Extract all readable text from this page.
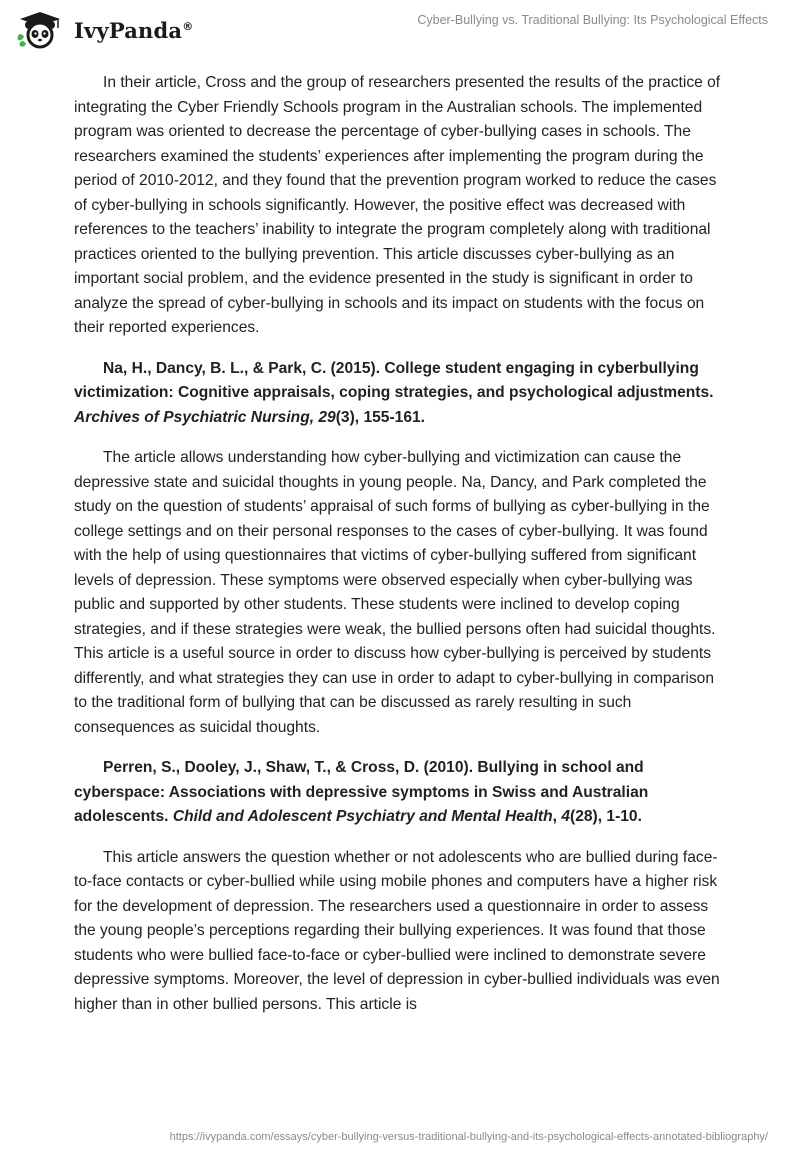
IvyPanda®	Cyber-Bullying vs. Traditional Bullying: Its Psychological Effects

In their article, Cross and the group of researchers presented the results of the practice of integrating the Cyber Friendly Schools program in the Australian schools. The implemented program was oriented to decrease the percentage of cyber-bullying cases in schools. The researchers examined the students’ experiences after implementing the program during the period of 2010-2012, and they found that the prevention program worked to reduce the cases of cyber-bullying in schools significantly. However, the positive effect was decreased with references to the teachers’ inability to integrate the program completely along with traditional practices oriented to the bullying prevention. This article discusses cyber-bullying as an important social problem, and the evidence presented in the study is significant in order to analyze the spread of cyber-bullying in schools and its impact on students with the focus on their reported experiences.

Na, H., Dancy, B. L., & Park, C. (2015). College student engaging in cyberbullying victimization: Cognitive appraisals, coping strategies, and psychological adjustments. Archives of Psychiatric Nursing, 29(3), 155-161.

The article allows understanding how cyber-bullying and victimization can cause the depressive state and suicidal thoughts in young people. Na, Dancy, and Park completed the study on the question of students’ appraisal of such forms of bullying as cyber-bullying in the college settings and on their personal responses to the cases of cyber-bullying. It was found with the help of using questionnaires that victims of cyber-bullying suffered from significant levels of depression. These symptoms were observed especially when cyber-bullying was public and supported by other students. These students were inclined to develop coping strategies, and if these strategies were weak, the bullied persons often had suicidal thoughts. This article is a useful source in order to discuss how cyber-bullying is perceived by students differently, and what strategies they can use in order to adapt to cyber-bullying in comparison to the traditional form of bullying that can be discussed as rarely resulting in such consequences as suicidal thoughts.

Perren, S., Dooley, J., Shaw, T., & Cross, D. (2010). Bullying in school and cyberspace: Associations with depressive symptoms in Swiss and Australian adolescents. Child and Adolescent Psychiatry and Mental Health, 4(28), 1-10.

This article answers the question whether or not adolescents who are bullied during face-to-face contacts or cyber-bullied while using mobile phones and computers have a higher risk for the development of depression. The researchers used a questionnaire in order to assess the young people’s perceptions regarding their bullying experiences. It was found that those students who were bullied face-to-face or cyber-bullied were inclined to demonstrate severe depressive symptoms. Moreover, the level of depression in cyber-bullied individuals was even higher than in other bullied persons. This article is

https://ivypanda.com/essays/cyber-bullying-versus-traditional-bullying-and-its-psychological-effects-annotated-bibliography/
